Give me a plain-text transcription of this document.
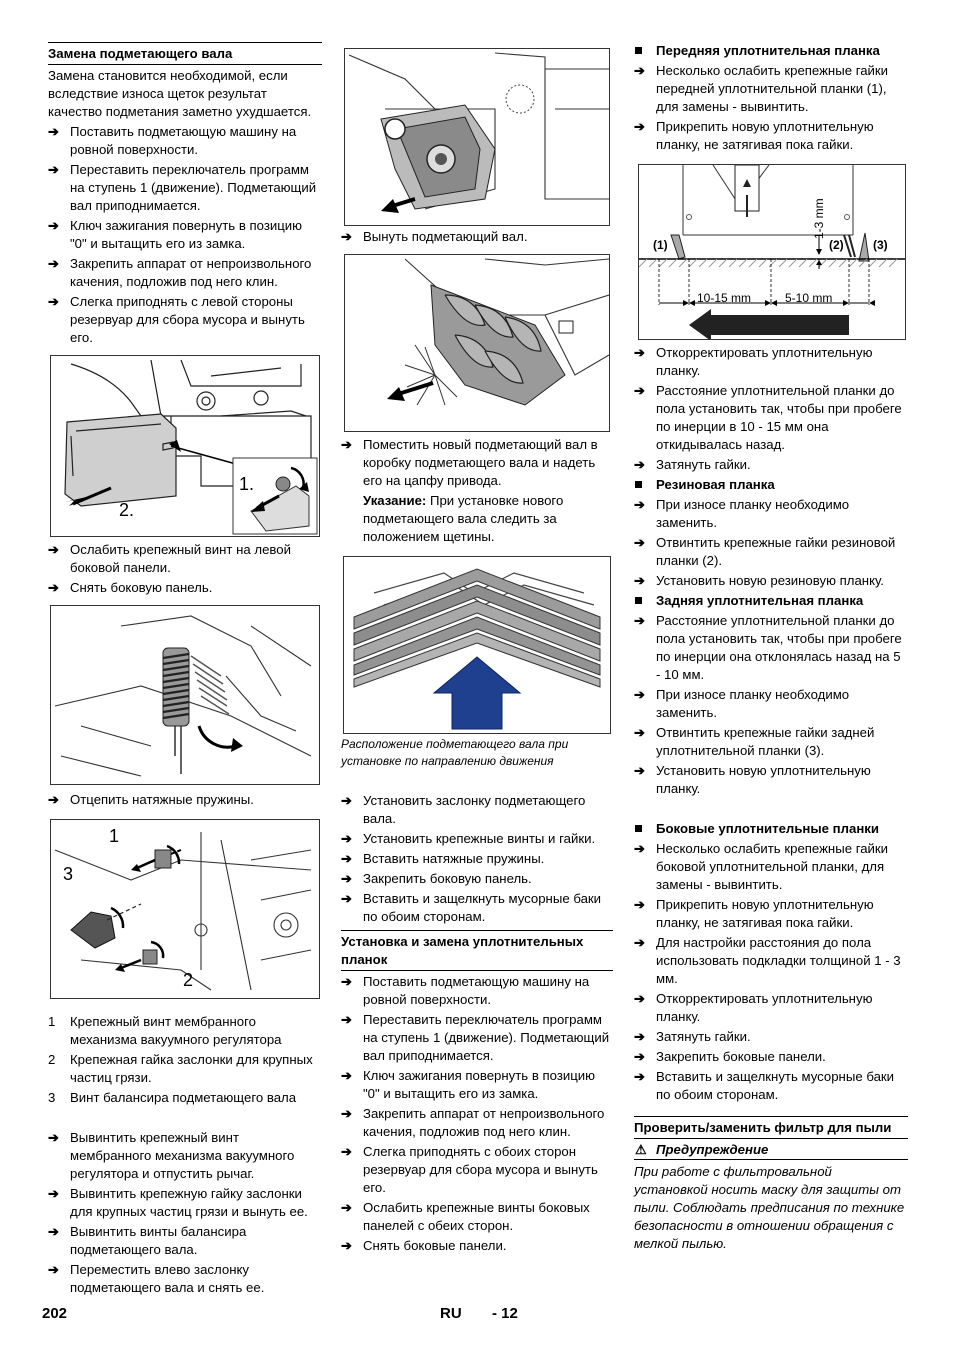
Замена подметающего вала
Замена становится необходимой, если вследствие износа щеток результат качество подметания заметно ухудшается.
➔ Поставить подметающую машину на ровной поверхности.
➔ Переставить переключатель программ на ступень 1 (движение). Подметающий вал приподнимается.
➔ Ключ зажигания повернуть в позицию "0" и вытащить его из замка.
➔ Закрепить аппарат от непроизвольного качения, подложив под него клин.
➔ Слегка приподнять с левой стороны резервуар для сбора мусора и вынуть его.
1.
2.
➔ Ослабить крепежный винт на левой боковой панели.
➔ Снять боковую панель.
➔ Отцепить натяжные пружины.
1
2
3
1 Крепежный винт мембранного механизма вакуумного регулятора
2 Крепежная гайка заслонки для крупных частиц грязи.
3 Винт балансира подметающего вала
➔ Вывинтить крепежный винт мембранного механизма вакуумного регулятора и отпустить рычаг.
➔ Вывинтить крепежную гайку заслонки для крупных частиц грязи и вынуть ее.
➔ Вывинтить винты балансира подметающего вала.
➔ Переместить влево заслонку подметающего вала и снять ее.
➔ Вынуть подметающий вал.
➔ Поместить новый подметающий вал в коробку подметающего вала и надеть его на цапфу привода.
Указание: При установке нового подметающего вала следить за положением щетины.
Расположение подметающего вала при установке по направлению движения
➔ Установить заслонку подметающего вала.
➔ Установить крепежные винты и гайки.
➔ Вставить натяжные пружины.
➔ Закрепить боковую панель.
➔ Вставить и защелкнуть мусорные баки по обоим сторонам.
Установка и замена уплотнительных планок
➔ Поставить подметающую машину на ровной поверхности.
➔ Переставить переключатель программ на ступень 1 (движение). Подметающий вал приподнимается.
➔ Ключ зажигания повернуть в позицию "0" и вытащить его из замка.
➔ Закрепить аппарат от непроизвольного качения, подложив под него клин.
➔ Слегка приподнять с обоих сторон резервуар для сбора мусора и вынуть его.
➔ Ослабить крепежные винты боковых панелей с обеих сторон.
➔ Снять боковые панели.
Передняя уплотнительная планка
➔ Несколько ослабить крепежные гайки передней уплотнительной планки (1), для замены - вывинтить.
➔ Прикрепить новую уплотнительную планку, не затягивая пока гайки.
(1)	(2) (3)
1-3 mm
10-15 mm	5-10 mm
➔ Откорректировать уплотнительную планку.
➔ Расстояние уплотнительной планки до пола установить так, чтобы при пробеге по инерции в 10 - 15 мм она откидывалась назад.
➔ Затянуть гайки.
Резиновая планка
➔ При износе планку необходимо заменить.
➔ Отвинтить крепежные гайки резиновой планки (2).
➔ Установить новую резиновую планку.
Задняя уплотнительная планка
➔ Расстояние уплотнительной планки до пола установить так, чтобы при пробеге по инерции она отклонялась назад на 5 - 10 мм.
➔ При износе планку необходимо заменить.
➔ Отвинтить крепежные гайки задней уплотнительной планки (3).
➔ Установить новую уплотнительную планку.
Боковые уплотнительные планки
➔ Несколько ослабить крепежные гайки боковой уплотнительной планки, для замены - вывинтить.
➔ Прикрепить новую уплотнительную планку, не затягивая пока гайки.
➔ Для настройки расстояния до пола использовать подкладки толщиной 1 - 3 мм.
➔ Откорректировать уплотнительную планку.
➔ Затянуть гайки.
➔ Закрепить боковые панели.
➔ Вставить и защелкнуть мусорные баки по обоим сторонам.
Проверить/заменить фильтр для пыли
⚠ Предупреждение
При работе с фильтровальной установкой носить маску для защиты от пыли. Соблюдать предписания по технике безопасности в отношении обращения с мелкой пылью.
202	RU - 12
